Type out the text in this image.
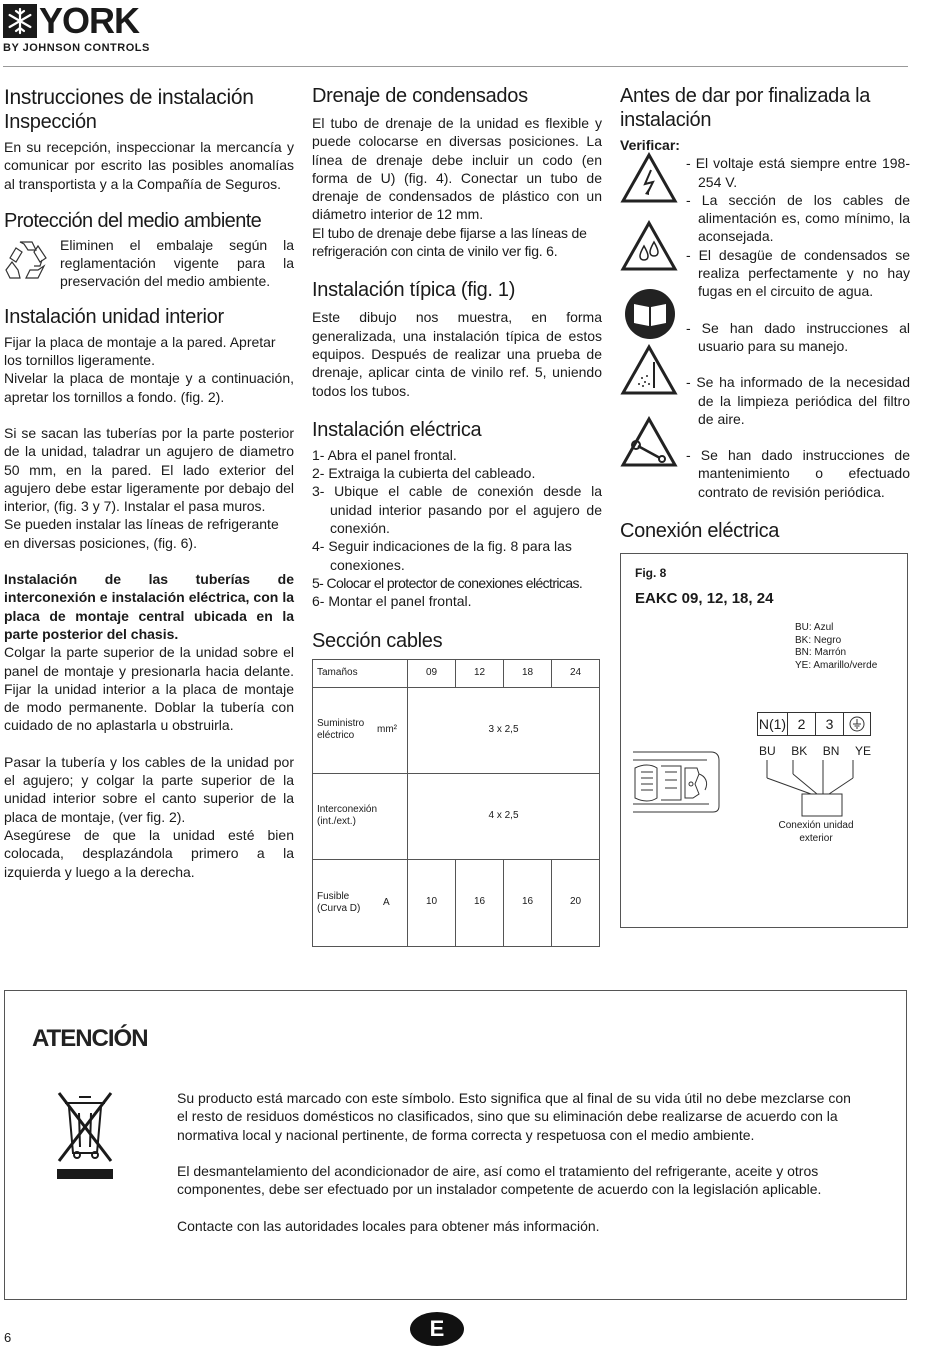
YORK
BY JOHNSON CONTROLS
Instrucciones de instalación
Inspección

En su recepción, inspeccionar la mercancía y comunicar por escrito las posibles anomalías al transportista y a la Compañía de Seguros.

Protección del medio ambiente

Eliminen el embalaje según la reglamentación vigente para la preservación del medio ambiente.

Instalación unidad interior

Fijar la placa de montaje a la pared. Apretar los tornillos ligeramente.

Nivelar la placa de montaje y a continuación, apretar los tornillos a fondo. (fig. 2).

Si se sacan las tuberías por la parte posterior de la unidad, taladrar un agujero de diametro 50 mm, en la pared. El lado exterior del agujero debe estar ligeramente por debajo del interior, (fig. 3 y 7). Instalar el pasa muros.

Se pueden instalar las líneas de refrigerante en diversas posiciones, (fig. 6).

Instalación de las tuberías de interconexión e instalación eléctrica, con la placa de montaje central ubicada en la parte posterior del chasis.

Colgar la parte superior de la unidad sobre el panel de montaje y presionarla hacia delante. Fijar la unidad interior a la placa de montaje de modo permanente. Doblar la tubería con cuidado de no aplastarla u obstruirla.

Pasar la tubería y los cables de la unidad por el agujero; y colgar la parte superior de la unidad interior sobre el canto superior de la placa de montaje, (ver fig. 2).

Asegúrese de que la unidad esté bien colocada, desplazándola primero a la izquierda y luego a la derecha.

Drenaje de condensados

El tubo de drenaje de la unidad es flexible y puede colocarse en diversas posiciones. La línea de drenaje debe incluir un codo (en forma de U) (fig. 4). Conectar un tubo de drenaje de condensados de plástico con un diámetro interior de 12 mm.

El tubo de drenaje debe fijarse a las líneas de refrigeración con cinta de vinilo ver fig. 6.

Instalación típica (fig. 1)

Este dibujo nos muestra, en forma generalizada, una instalación típica de estos equipos. Después de realizar una prueba de drenaje, aplicar cinta de vinilo ref. 5, uniendo todos los tubos.

Instalación eléctrica
1- Abra el panel frontal.
2- Extraiga la cubierta del cableado.
3- Ubique el cable de conexión desde la unidad interior pasando por el agujero de conexión.
4- Seguir indicaciones de la fig. 8 para las conexiones.
5- Colocar el protector de conexiones eléctricas.
6- Montar el panel frontal.
Sección cables
Tamaños	09	12	18	24
Suministro
eléctrico
mm²	3 x 2,5
Interconexión
(int./ext.)
4 x 2,5
Fusible
(Curva D)
A	10	16	16	20
Antes de dar por finalizada la instalación

Verificar:

- El voltaje está siempre entre 198-254 V.

- La sección de los cables de alimentación es, como mínimo, la aconsejada.

- El desagüe de condensados se realiza perfectamente y no hay fugas en el circuito de agua.

- Se han dado instrucciones al usuario para su manejo.

- Se ha informado de la necesidad de la limpieza periódica del filtro de aire.

- Se han dado instrucciones de mantenimiento o efectuado contrato de revisión periódica.

Conexión eléctrica
Fig. 8
EAKC 09, 12, 18, 24
BU: Azul
BK: Negro
BN: Marrón
YE: Amarillo/verde
N(1) 2	3
BU BK BN YE
Conexión unidad
exterior
ATENCIÓN

Su producto está marcado con este símbolo. Esto significa que al final de su vida útil no debe mezclarse con el resto de residuos domésticos no clasificados, sino que su eliminación debe realizarse de acuerdo con la normativa local y nacional pertinente, de forma correcta y respetuosa con el medio ambiente.

El desmantelamiento del acondicionador de aire, así como el tratamiento del refrigerante, aceite y otros componentes, debe ser efectuado por un instalador competente de acuerdo con la legislación aplicable.

Contacte con las autoridades locales para obtener más información.

6	E
